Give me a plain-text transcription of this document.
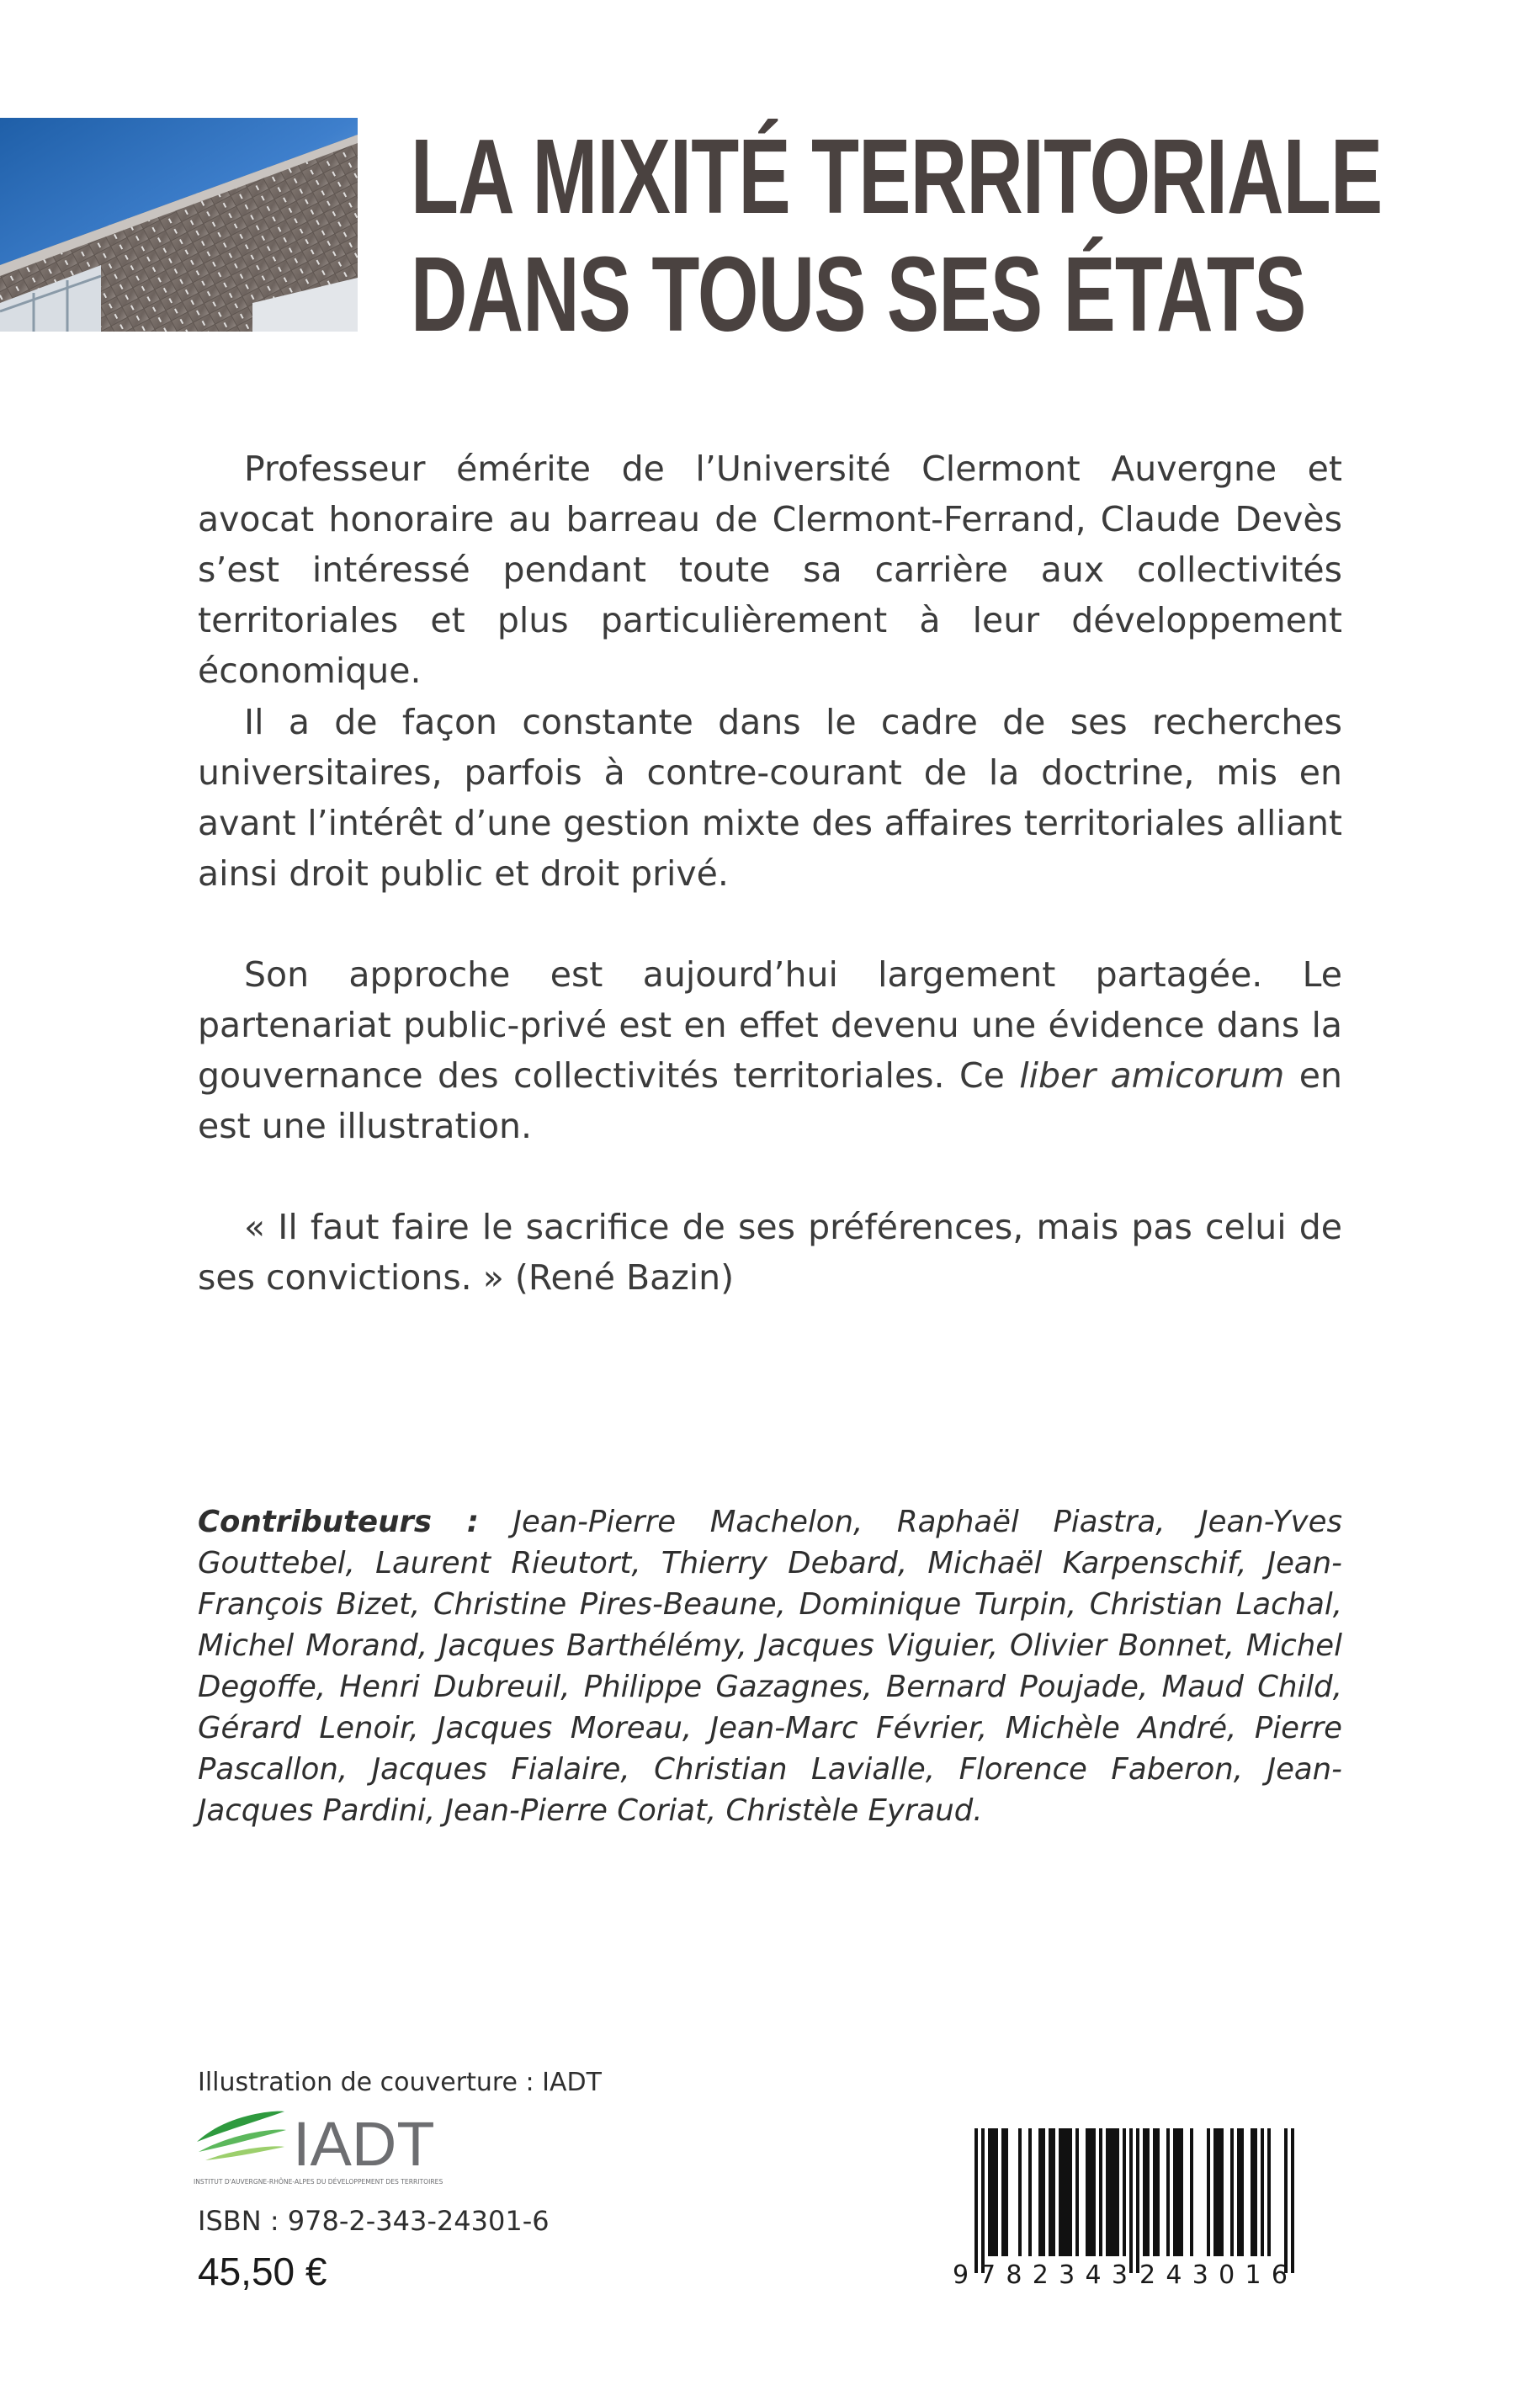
LA MIXITÉ TERRITORIALE
DANS TOUS SES ÉTATS

Professeur émérite de l’Université Clermont Auvergne et avocat honoraire au barreau de Clermont-Ferrand, Claude Devès s’est intéressé pendant toute sa carrière aux collectivités territoriales et plus particulièrement à leur développement économique.

Il a de façon constante dans le cadre de ses recherches universitaires, parfois à contre-courant de la doctrine, mis en avant l’intérêt d’une gestion mixte des affaires territoriales alliant ainsi droit public et droit privé.

Son approche est aujourd’hui largement partagée. Le partenariat public-privé est en effet devenu une évidence dans la gouvernance des collectivités territoriales. Ce liber amicorum en est une illustration.

« Il faut faire le sacrifice de ses préférences, mais pas celui de ses convictions. » (René Bazin)

Contributeurs : Jean-Pierre Machelon, Raphaël Piastra, Jean-Yves Gouttebel, Laurent Rieutort, Thierry Debard, Michaël Karpenschif, Jean-François Bizet, Christine Pires-Beaune, Dominique Turpin, Christian Lachal, Michel Morand, Jacques Barthélémy, Jacques Viguier, Olivier Bonnet, Michel Degoffe, Henri Dubreuil, Philippe Gazagnes, Bernard Poujade, Maud Child, Gérard Lenoir, Jacques Moreau, Jean-Marc Février, Michèle André, Pierre Pascallon, Jacques Fialaire, Christian Lavialle, Florence Faberon, Jean-Jacques Pardini, Jean-Pierre Coriat, Christèle Eyraud.
Illustration de couverture : IADT
IADT
INSTITUT D'AUVERGNE-RHÔNE-ALPES DU DÉVELOPPEMENT DES TERRITOIRES
ISBN : 978-2-343-24301-6
45,50 €	9 782343 243016
